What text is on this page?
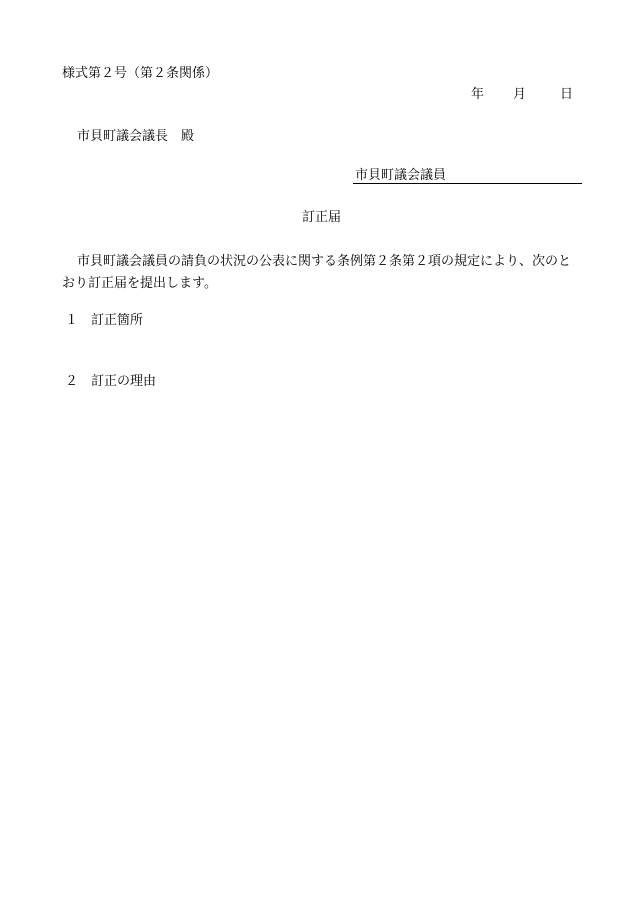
様式第２号（第２条関係）
年 月	日
市貝町議会議長　殿
市貝町議会議員
訂正届
市貝町議会議員の請負の状況の公表に関する条例第２条第２項の規定により、次のとおり訂正届を提出します。
１ 訂正箇所
２ 訂正の理由
